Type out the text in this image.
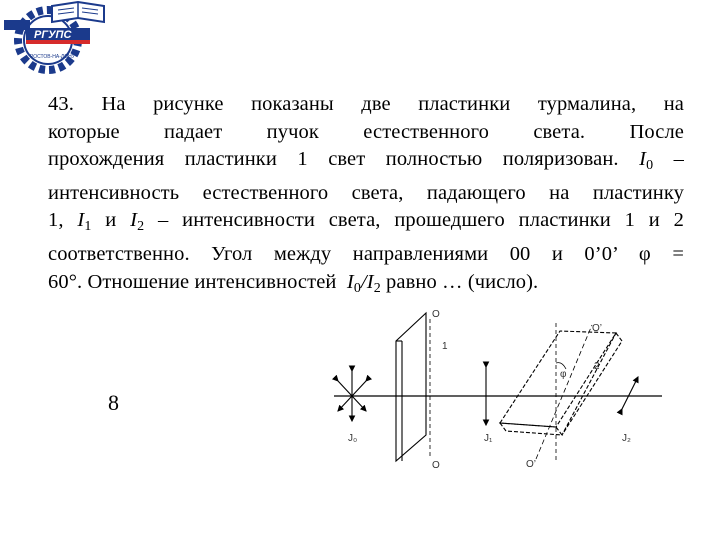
РГУПС
РОСТОВ-НА-ДОНУ
43. На рисунке показаны две пластинки турмалина, на
которые падает пучок естественного света. После
прохождения пластинки 1 свет полностью поляризован. $I_0$ –
интенсивность естественного света, падающего на пластинку
1, $I_1$ и $I_2$ – интенсивности света, прошедшего пластинки 1 и 2
соответственно. Угол между направлениями 00 и 0’0’ φ =
60°. Отношение интенсивностей $I_0/I_2$ равно … (число).
8
J₀
O
O
1
J₁
O’
O’
2
φ
J₂
